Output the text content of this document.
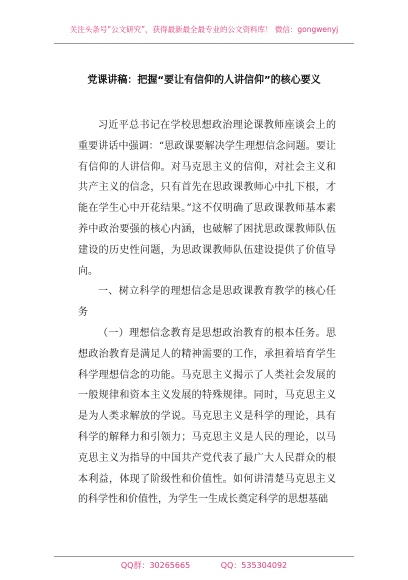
关注头条号“公文研究”，获得最新最全最专业的公文资料库！ 微信：gongwenyj
党课讲稿：把握“要让有信仰的人讲信仰”的核心要义

习近平总书记在学校思想政治理论课教师座谈会上的重要讲话中强调：“思政课要解决学生理想信念问题。要让有信仰的人讲信仰。对马克思主义的信仰，对社会主义和共产主义的信念，只有首先在思政课教师心中扎下根，才能在学生心中开花结果。”这不仅明确了思政课教师基本素养中政治要强的核心内涵，也破解了困扰思政课教师队伍建设的历史性问题，为思政课教师队伍建设提供了价值导向。

一、树立科学的理想信念是思政课教育教学的核心任务

（一）理想信念教育是思想政治教育的根本任务。思想政治教育是满足人的精神需要的工作，承担着培育学生科学理想信念的功能。马克思主义揭示了人类社会发展的一般规律和资本主义发展的特殊规律。同时，马克思主义是为人类求解放的学说。马克思主义是科学的理论，具有科学的解释力和引领力；马克思主义是人民的理论，以马克思主义为指导的中国共产党代表了最广大人民群众的根本利益，体现了阶级性和价值性。如何讲清楚马克思主义的科学性和价值性，为学生一生成长奠定科学的思想基础

QQ群：30265665	QQ：535304092
